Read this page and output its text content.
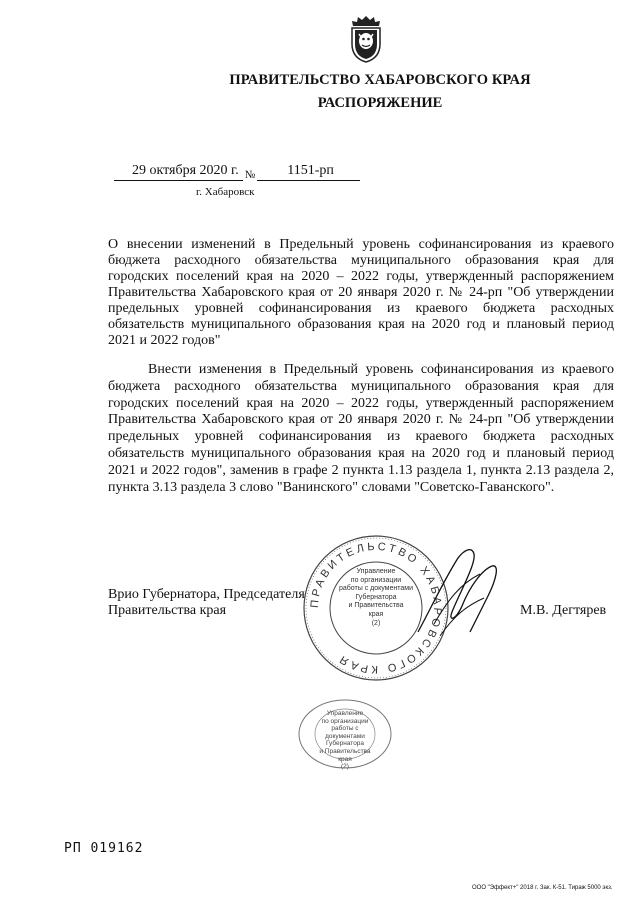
ПРАВИТЕЛЬСТВО ХАБАРОВСКОГО КРАЯ
РАСПОРЯЖЕНИЕ
29 октября 2020 г. $_№$ 1151-рп
г. Хабаровск
О внесении изменений в Предельный уровень софинансирования из краевого бюджета расходного обязательства муниципального образования края для городских поселений края на 2020 – 2022 годы, утвержденный распоряжением Правительства Хабаровского края от 20 января 2020 г. № 24-рп "Об утверждении предельных уровней софинансирования из краевого бюджета расходных обязательств муниципального образования края на 2020 год и плановый период 2021 и 2022 годов"
Внести изменения в Предельный уровень софинансирования из краевого бюджета расходного обязательства муниципального образования края для городских поселений края на 2020 – 2022 годы, утвержденный распоряжением Правительства Хабаровского края от 20 января 2020 г. № 24-рп "Об утверждении предельных уровней софинансирования из краевого бюджета расходных обязательств муниципального образования края на 2020 год и плановый период 2021 и 2022 годов", заменив в графе 2 пункта 1.13 раздела 1, пункта 2.13 раздела 2, пункта 3.13 раздела 3 слово "Ванинского" словами "Советско-Гаванского".
Врио Губернатора, Председателя
Правительства края
ПРАВИТЕЛЬСТВО ХАБАРОВСКОГО КРАЯ
Управление
по организации
работы с документами
Губернатора
и Правительства
края
(2)
М.В. Дегтярев
Управление
по организации
работы с документами
Губернатора
и Правительства
края
(2)
РП 019162
ООО "Эффект+" 2018 г. Зак. К-51. Тираж 5000 экз.
